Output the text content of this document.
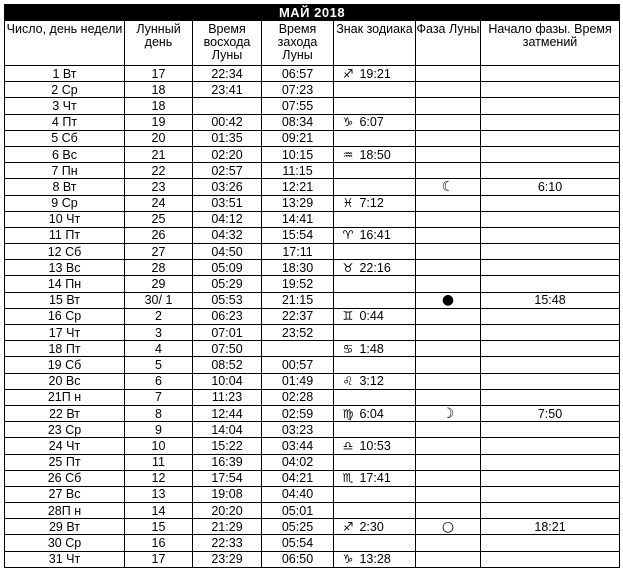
МАЙ 2018						
Число, день недели	Лунный день	Время восхода Луны	Время захода Луны	Знак зодиака	Фаза Луны	Начало фазы. Время затмений
1 Вт	17	22:34	06:57	♐ 19:21		
2 Ср	18	23:41	07:23			
3 Чт	18		07:55			
4 Пт	19	00:42	08:34	♑ 6:07		
5 Сб	20	01:35	09:21			
6 Вс	21	02:20	10:15	♒ 18:50		
7 Пн	22	02:57	11:15			
8 Вт	23	03:26	12:21		☾	6:10
9 Ср	24	03:51	13:29	♓ 7:12		
10 Чт	25	04:12	14:41			
11 Пт	26	04:32	15:54	♈ 16:41		
12 Сб	27	04:50	17:11			
13 Вс	28	05:09	18:30	♉ 22:16		
14 Пн	29	05:29	19:52			
15 Вт	30/ 1	05:53	21:15		●	15:48
16 Ср	2	06:23	22:37	♊ 0:44		
17 Чт	3	07:01	23:52			
18 Пт	4	07:50		♋ 1:48		
19 Сб	5	08:52	00:57			
20 Вс	6	10:04	01:49	♌ 3:12		
21П н	7	11:23	02:28			
22 Вт	8	12:44	02:59	♍ 6:04	☽	7:50
23 Ср	9	14:04	03:23			
24 Чт	10	15:22	03:44	♎ 10:53		
25 Пт	11	16:39	04:02			
26 Сб	12	17:54	04:21	♏ 17:41		
27 Вс	13	19:08	04:40			
28П н	14	20:20	05:01			
29 Вт	15	21:29	05:25	♐ 2:30	○	18:21
30 Ср	16	22:33	05:54			
31 Чт	17	23:29	06:50	♑ 13:28		
